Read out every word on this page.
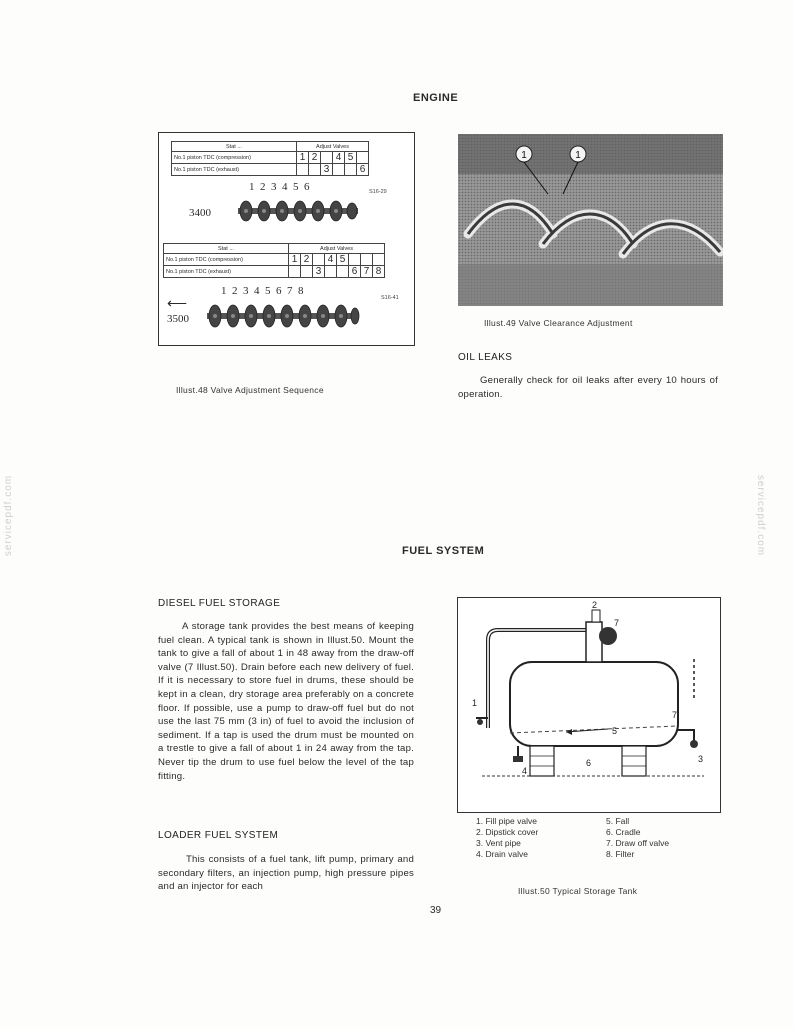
servicepdf.com	servicepdf.com
ENGINE
Stat ...	Adjust Valves					
No.1 piston TDC (compression)	1	2		4	5	
No.1 piston TDC (exhaust)			3			6
1  2  3  4  5  6	S16-29
3400
Stat ...	Adjust Valves							
No.1 piston TDC (compression)	1	2		4	5			
No.1 piston TDC (exhaust)			3			6	7	8
⟵
1  2  3  4  5  6  7  8
S16-41
3500
Illust.48 Valve Adjustment Sequence
1	1
Illust.49 Valve Clearance Adjustment
OIL LEAKS
Generally check for oil leaks after every 10 hours of operation.
FUEL SYSTEM
DIESEL FUEL STORAGE
A storage tank provides the best means of keeping fuel clean. A typical tank is shown in Illust.50. Mount the tank to give a fall of about 1 in 48 away from the draw-off valve (7 Illust.50). Drain before each new delivery of fuel. If it is necessary to store fuel in drums, these should be kept in a clean, dry storage area preferably on a concrete floor. If possible, use a pump to draw-off fuel but do not use the last 75 mm (3 in) of fuel to avoid the inclusion of sediment. If a tap is used the drum must be mounted on a trestle to give a fall of about 1 in 24 away from the tap. Never tip the drum to use fuel below the level of the tap fitting.
LOADER FUEL SYSTEM
This consists of a fuel tank, lift pump, primary and secondary filters, an injection pump, high pressure pipes and an injector for each
2
7
1
5
6
4
7
3
1. Fill pipe valve
2. Dipstick cover
3. Vent pipe
4. Drain valve
5. Fall
6. Cradle
7. Draw off valve
8. Filter
Illust.50 Typical Storage Tank
39
